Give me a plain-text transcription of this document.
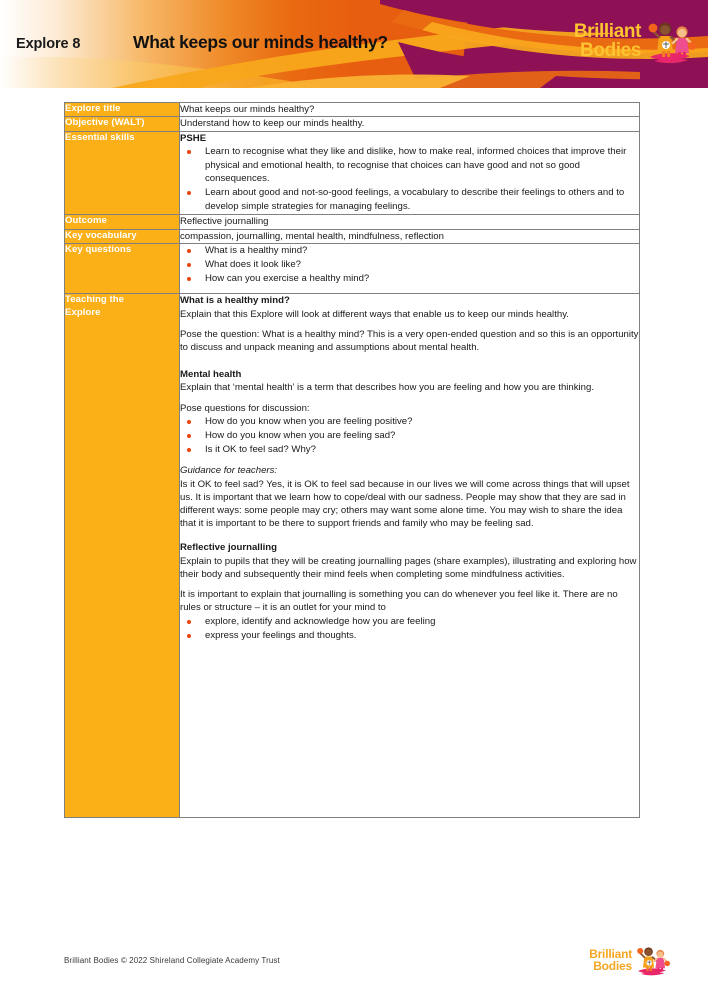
Explore 8	What keeps our minds healthy?	Brilliant
Bodies
Explore title	What keeps our minds healthy?

Objective (WALT)	Understand how to keep our minds healthy.

Essential skills	PSHE
Learn to recognise what they like and dislike, how to make real, informed choices that improve their physical and emotional health, to recognise that choices can have good and not so good consequences.
Learn about good and not-so-good feelings, a vocabulary to describe their feelings to others and to develop simple strategies for managing feelings.

Outcome	Reflective journalling

Key vocabulary	compassion, journalling, mental health, mindfulness, reflection

Key questions	What is a healthy mind?
What does it look like?
How can you exercise a healthy mind?

Teaching the
Explore

What is a healthy mind?

Explain that this Explore will look at different ways that enable us to keep our minds healthy.

Pose the question: What is a healthy mind? This is a very open-ended question and so this is an opportunity to discuss and unpack meaning and assumptions about mental health.

Mental health

Explain that ‘mental health’ is a term that describes how you are feeling and how you are thinking.

Pose questions for discussion:

How do you know when you are feeling positive?
How do you know when you are feeling sad?
Is it OK to feel sad? Why?
Guidance for teachers:

Is it OK to feel sad? Yes, it is OK to feel sad because in our lives we will come across things that will upset us. It is important that we learn how to cope/deal with our sadness. People may show that they are sad in different ways: some people may cry; others may want some alone time. You may wish to share the idea that it is important to be there to support friends and family who may be feeling sad.

Reflective journalling

Explain to pupils that they will be creating journalling pages (share examples), illustrating and exploring how their body and subsequently their mind feels when completing some mindfulness activities.

It is important to explain that journalling is something you can do whenever you feel like it. There are no rules or structure – it is an outlet for your mind to

explore, identify and acknowledge how you are feeling
express your feelings and thoughts.
Brilliant Bodies © 2022 Shireland Collegiate Academy Trust	Brilliant
Bodies
